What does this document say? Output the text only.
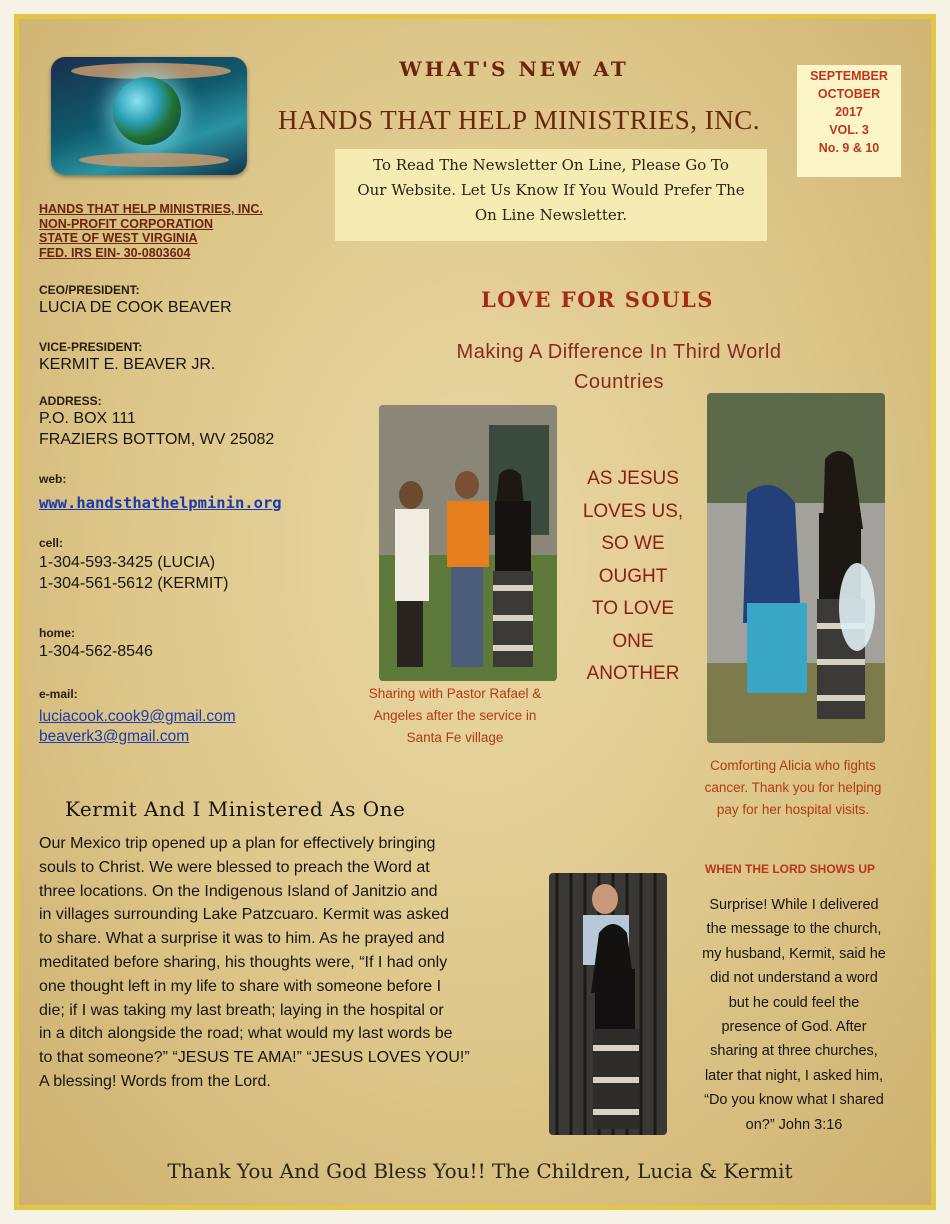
WHAT'S NEW AT
HANDS THAT HELP MINISTRIES, INC.
SEPTEMBER
OCTOBER
2017
VOL. 3
No. 9 & 10
To Read The Newsletter On Line, Please Go To
Our Website. Let Us Know If You Would Prefer The
On Line Newsletter.
HANDS THAT HELP MINISTRIES, INC.
NON-PROFIT CORPORATION
STATE OF WEST VIRGINIA
FED. IRS EIN- 30-0803604
CEO/PRESIDENT:
LUCIA DE COOK BEAVER
VICE-PRESIDENT:
KERMIT E. BEAVER JR.
ADDRESS:
P.O. BOX 111
FRAZIERS BOTTOM, WV 25082
web:
www.handsthathelpminin.org
cell:
1-304-593-3425 (LUCIA)
1-304-561-5612 (KERMIT)
home:
1-304-562-8546
e-mail:
luciacook.cook9@gmail.com
beaverk3@gmail.com
LOVE FOR SOULS
Making A Difference In Third World
Countries
Sharing with Pastor Rafael &
Angeles after the service in
Santa Fe village
AS JESUS
LOVES US,
SO WE
OUGHT
TO LOVE
ONE
ANOTHER
Comforting Alicia who fights
cancer. Thank you for helping
pay for her hospital visits.
Kermit And I Ministered As One
Our Mexico trip opened up a plan for effectively bringing
souls to Christ. We were blessed to preach the Word at
three locations. On the Indigenous Island of Janitzio and
in villages surrounding Lake Patzcuaro. Kermit was asked
to share. What a surprise it was to him. As he prayed and
meditated before sharing, his thoughts were, “If I had only
one thought left in my life to share with someone before I
die; if I was taking my last breath; laying in the hospital or
in a ditch alongside the road; what would my last words be
to that someone?” “JESUS TE AMA!” “JESUS LOVES YOU!”
A blessing! Words from the Lord.
WHEN THE LORD SHOWS UP
Surprise! While I delivered
the message to the church,
my husband, Kermit, said he
did not understand a word
but he could feel the
presence of God. After
sharing at three churches,
later that night, I asked him,
“Do you know what I shared
on?” John 3:16
Thank You And God Bless You!! The Children, Lucia & Kermit
